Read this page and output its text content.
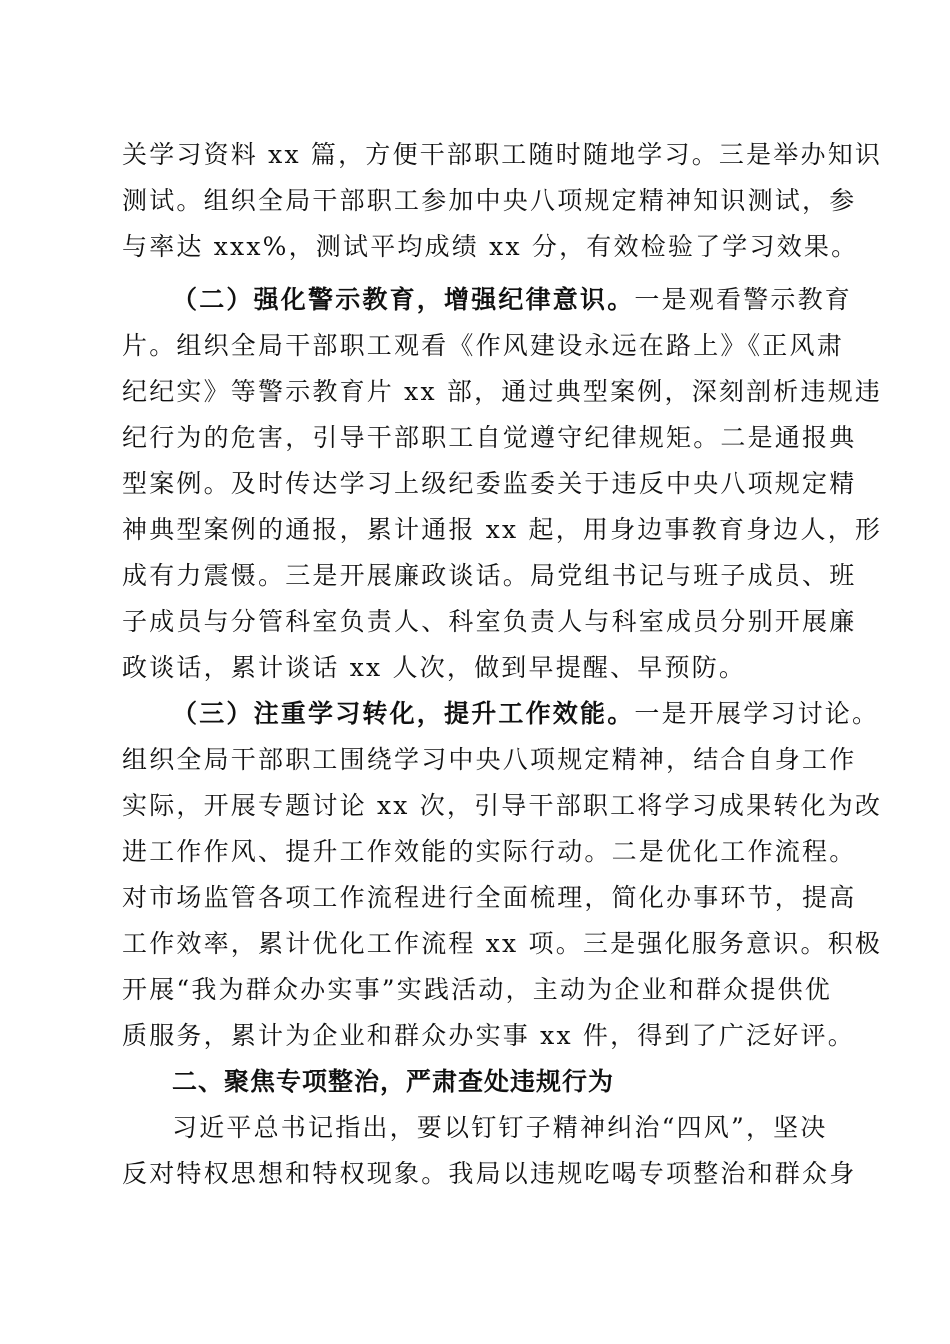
关学习资料 xx 篇，方便干部职工随时随地学习。三是举办知识
测试。组织全局干部职工参加中央八项规定精神知识测试，参
与率达 xxx%，测试平均成绩 xx 分，有效检验了学习效果。
（二）强化警示教育，增强纪律意识。一是观看警示教育
片。组织全局干部职工观看《作风建设永远在路上》《正风肃
纪纪实》等警示教育片 xx 部，通过典型案例，深刻剖析违规违
纪行为的危害，引导干部职工自觉遵守纪律规矩。二是通报典
型案例。及时传达学习上级纪委监委关于违反中央八项规定精
神典型案例的通报，累计通报 xx 起，用身边事教育身边人，形
成有力震慑。三是开展廉政谈话。局党组书记与班子成员、班
子成员与分管科室负责人、科室负责人与科室成员分别开展廉
政谈话，累计谈话 xx 人次，做到早提醒、早预防。
（三）注重学习转化，提升工作效能。一是开展学习讨论。
组织全局干部职工围绕学习中央八项规定精神，结合自身工作
实际，开展专题讨论 xx 次，引导干部职工将学习成果转化为改
进工作作风、提升工作效能的实际行动。二是优化工作流程。
对市场监管各项工作流程进行全面梳理，简化办事环节，提高
工作效率，累计优化工作流程 xx 项。三是强化服务意识。积极
开展“我为群众办实事”实践活动，主动为企业和群众提供优
质服务，累计为企业和群众办实事 xx 件，得到了广泛好评。
二、聚焦专项整治，严肃查处违规行为
习近平总书记指出，要以钉钉子精神纠治“四风”，坚决
反对特权思想和特权现象。我局以违规吃喝专项整治和群众身
